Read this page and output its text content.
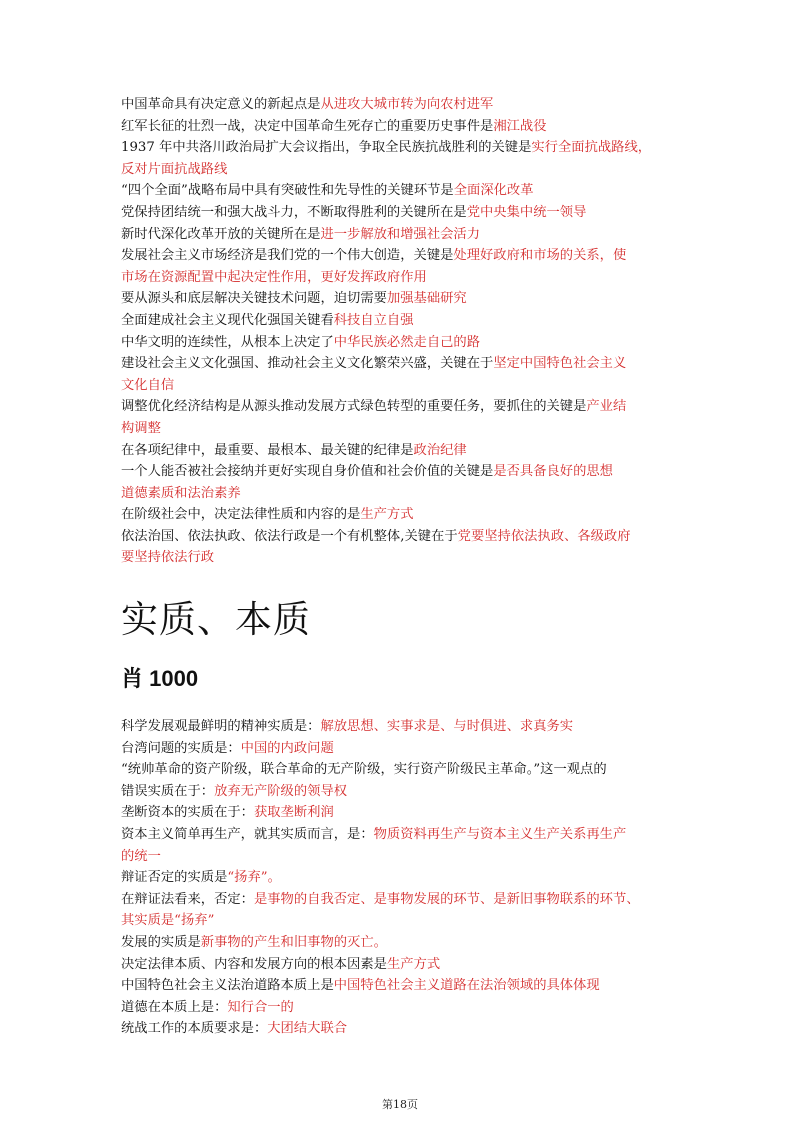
中国革命具有决定意义的新起点是从进攻大城市转为向农村进军
红军长征的壮烈一战，决定中国革命生死存亡的重要历史事件是湘江战役
1937 年中共洛川政治局扩大会议指出，争取全民族抗战胜利的关键是实行全面抗战路线，
反对片面抗战路线
“四个全面”战略布局中具有突破性和先导性的关键环节是全面深化改革
党保持团结统一和强大战斗力，不断取得胜利的关键所在是党中央集中统一领导
新时代深化改革开放的关键所在是进一步解放和增强社会活力
发展社会主义市场经济是我们党的一个伟大创造，关键是处理好政府和市场的关系，使
市场在资源配置中起决定性作用，更好发挥政府作用
要从源头和底层解决关键技术问题，迫切需要加强基础研究
全面建成社会主义现代化强国关键看科技自立自强
中华文明的连续性，从根本上决定了中华民族必然走自己的路
建设社会主义文化强国、推动社会主义文化繁荣兴盛，关键在于坚定中国特色社会主义
文化自信
调整优化经济结构是从源头推动发展方式绿色转型的重要任务，要抓住的关键是产业结
构调整
在各项纪律中，最重要、最根本、最关键的纪律是政治纪律
一个人能否被社会接纳并更好实现自身价值和社会价值的关键是是否具备良好的思想
道德素质和法治素养
在阶级社会中，决定法律性质和内容的是生产方式
依法治国、依法执政、依法行政是一个有机整体,关键在于党要坚持依法执政、各级政府
要坚持依法行政
实质、本质
肖 1000
科学发展观最鲜明的精神实质是：解放思想、实事求是、与时俱进、求真务实
台湾问题的实质是：中国的内政问题
“统帅革命的资产阶级，联合革命的无产阶级，实行资产阶级民主革命。”这一观点的
错误实质在于：放弃无产阶级的领导权
垄断资本的实质在于：获取垄断利润
资本主义简单再生产，就其实质而言，是：物质资料再生产与资本主义生产关系再生产
的统一
辩证否定的实质是“扬弃”。
在辩证法看来，否定：是事物的自我否定、是事物发展的环节、是新旧事物联系的环节、
其实质是“扬弃”
发展的实质是新事物的产生和旧事物的灭亡。
决定法律本质、内容和发展方向的根本因素是生产方式
中国特色社会主义法治道路本质上是中国特色社会主义道路在法治领域的具体体现
道德在本质上是：知行合一的
统战工作的本质要求是：大团结大联合
第18页
